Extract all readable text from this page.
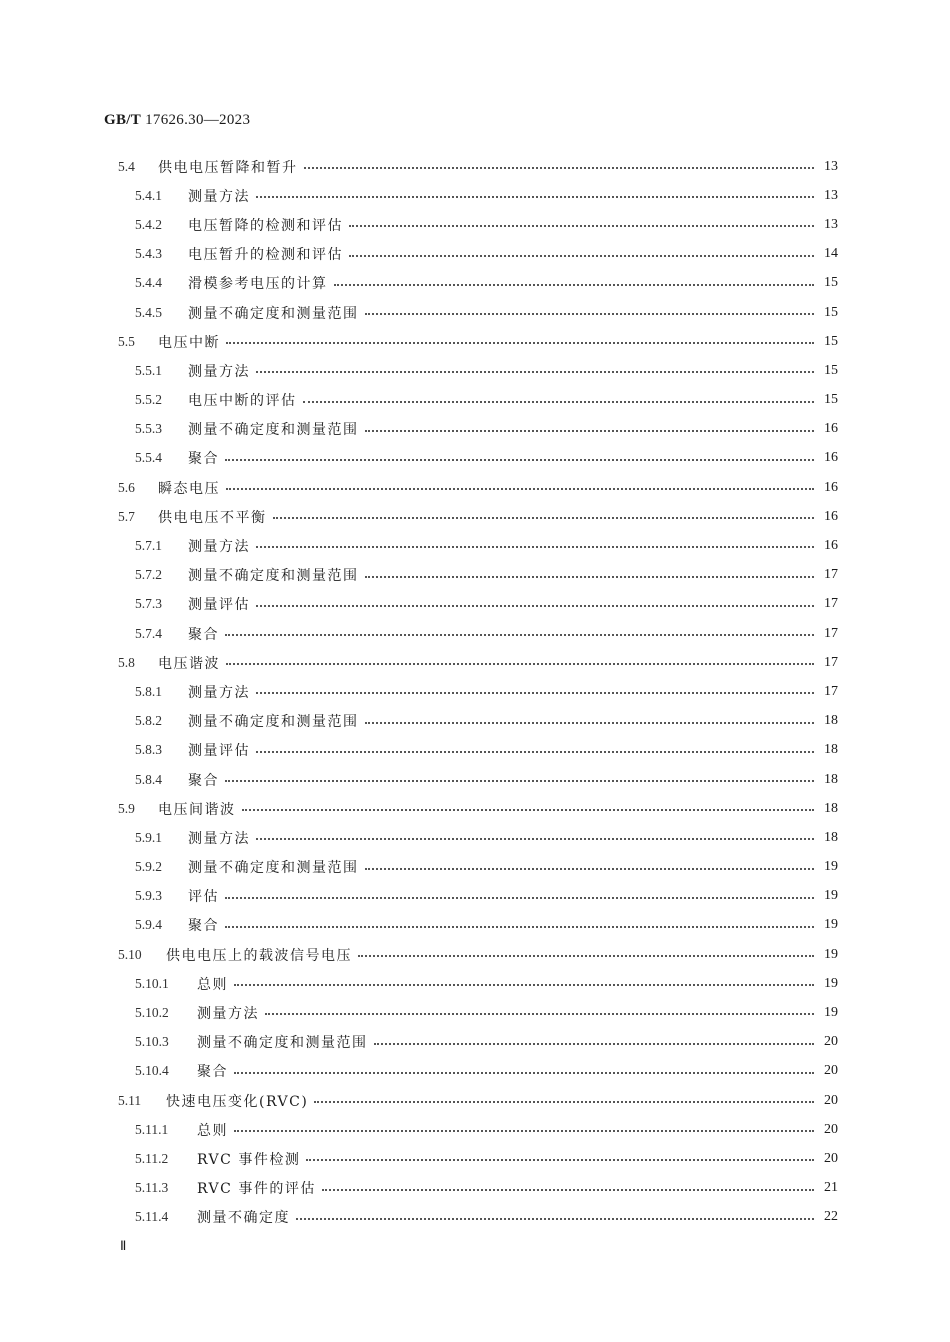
GB/T 17626.30—2023
5.4 供电电压暂降和暂升	13
5.4.1 测量方法	13
5.4.2 电压暂降的检测和评估	13
5.4.3 电压暂升的检测和评估	14
5.4.4 滑模参考电压的计算	15
5.4.5 测量不确定度和测量范围	15
5.5 电压中断	15
5.5.1 测量方法	15
5.5.2 电压中断的评估	15
5.5.3 测量不确定度和测量范围	16
5.5.4 聚合	16
5.6 瞬态电压	16
5.7 供电电压不平衡	16
5.7.1 测量方法	16
5.7.2 测量不确定度和测量范围	17
5.7.3 测量评估	17
5.7.4 聚合	17
5.8 电压谐波	17
5.8.1 测量方法	17
5.8.2 测量不确定度和测量范围	18
5.8.3 测量评估	18
5.8.4 聚合	18
5.9 电压间谐波	18
5.9.1 测量方法	18
5.9.2 测量不确定度和测量范围	19
5.9.3 评估	19
5.9.4 聚合	19
5.10 供电电压上的载波信号电压	19
5.10.1 总则	19
5.10.2 测量方法	19
5.10.3 测量不确定度和测量范围	20
5.10.4 聚合	20
5.11 快速电压变化(RVC)	20
5.11.1 总则	20
5.11.2 RVC 事件检测	20
5.11.3 RVC 事件的评估	21
5.11.4 测量不确定度	22
Ⅱ
